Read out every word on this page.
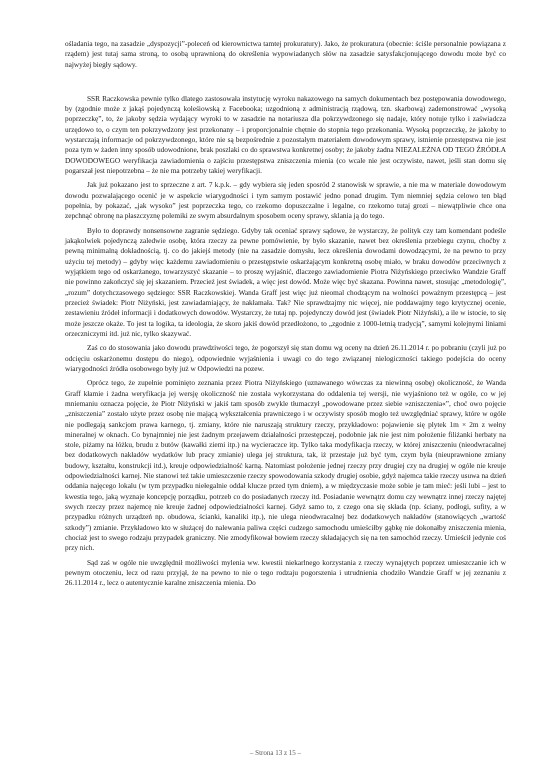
ośladania tego, na zasadzie „dyspozycji”-poleceń od kierownictwa tamtej prokuratury). Jako, że prokuratura (obecnie: ściśle personalnie powiązana z rządem) jest tutaj sama stroną, to osobą uprawnioną do określenia wypowiadanych słów na zasadzie satysfakcjonującego dowodu może być co najwyżej biegły sądowy.

SSR Raczkowska pewnie tylko dlatego zastosowała instytucję wyroku nakazowego na samych dokumentach bez postępowania dowodowego, by (zgodnie może z jakąś pojedynczą koleśiowską z Facebooka; uzgodnioną z administracją rządową, tzn. skarbową) zademonstrować „wysoką poprzeczkę”, to, że jakoby sędzia wydający wyroki to w zasadzie na notariusza dla pokrzywdzonego się nadaje, który notuje tylko i zaświadcza urzędowo to, o czym ten pokrzywdzony jest przekonany – i proporcjonalnie chętnie do stopnia tego przekonania. Wysoką poprzeczkę, że jakoby to wystarczają informacje od pokrzywdzonego, które nie są bezpośrednie z pozostałym materiałem dowodowym sprawy, istnienie przestępstwa nie jest poza tym w żaden inny sposób udowodnione, brak poszlaki co do sprawstwa konkretnej osoby; że jakoby żadna NIEZALEŻNA OD TEGO ŹRÓDŁA DOWODOWEGO weryfikacja zawiadomienia o zajściu przestępstwa zniszczenia mienia (co wcale nie jest oczywiste, nawet, jeśli stan domu się pogarszał jest niepotrzebna – że nie ma potrzeby takiej weryfikacji.

Jak już pokazano jest to sprzeczne z art. 7 k.p.k. – gdy wybiera się jeden sposród 2 stanowisk w sprawie, a nie ma w materiale dowodowym dowodu pozwalającego ocenić je w aspekcie wiarygodności i tym samym postawić jedno ponad drugim. Tym niemniej sędzia celowo ten błąd popełnia, by pokazać, „jak wysoko” jest poprzeczka tego, co rzekomo dopuszczalne i legalne, co rzekomo tutaj grozi – niewątpliwie chce ona zepchnąć obronę na płaszczyznę polemiki ze swym absurdalnym sposobem oceny sprawy, sklania ją do tego.

Było to doprawdy nonsensowne zagranie sędziego. Gdyby tak oceniać sprawy sądowe, że wystarczy, że polityk czy tam komendant podeśle jakąkolwiek pojedynczą zaledwie osobę, która rzeczy za pewne pomówienie, by było skazanie, nawet bez określenia przebiegu czynu, choćby z pewną minimalną dokładnością, tj. co do jakiejś metody (nie na zasadzie domysłu, lecz określenia dowodami dowodzącymi, że na pewno to przy użyciu tej metody) – gdyby więc każdemu zawiadomieniu o przestępstwie oskarżającym konkretną osobę miało, w braku dowodów przeciwnych z wyjątkiem tego od oskarżanego, towarzyszyć skazanie – to proszę wyjaśnić, dlaczego zawiadomienie Piotra Niżyńskiego przeciwko Wandzie Graff nie powinno zakończyć się jej skazaniem. Przecież jest świadek, a więc jest dowód. Może więc być skazana. Powinna nawet, stosując „metodologię”, „rozum” dotychczasowego sędziego: SSR Raczkowskiej. Wanda Graff jest więc już nieomal chodzącym na wolności poważnym przestępcą – jest przecież świadek: Piotr Niżyński, jest zawiadamiający, że nakłamała. Tak? Nie sprawdzajmy nic więcej, nie poddawajmy tego krytycznej ocenie, zestawieniu źródeł informacji i dodatkowych dowodów. Wystarczy, że tutaj np. pojedynczy dowód jest (świadek Piotr Niżyński), a ile w istocie, to się może jeszcze okaże. To jest ta logika, ta ideologia, że skoro jakiś dowód przedłożono, to „zgodnie z 1000-letnią tradycją”, samymi kolejnymi liniami orzeczniczymi itd. już nic, tylko skazywać.

Zaś co do stosowania jako dowodu prawdziwości tego, że pogorszył się stan domu wg oceny na dzień 26.11.2014 r. po pobraniu (czyli już po odcięciu oskarżonemu dostępu do niego), odpowiednie wyjaśnienia i uwagi co do tego związanej nielogiczności takiego podejścia do oceny wiarygodności źródła osobowego były już w Odpowiedzi na pozew.

Oprócz tego, że zupełnie pominięto zeznania przez Piotra Niżyńskiego (uznawanego wówczas za niewinną osobę) okoliczność, że Wanda Graff kłamie i żadna weryfikacja jej wersję okoliczność nie została wykorzystana do oddalenia tej wersji, nie wyjaśniono też w ogóle, co w jej mniemaniu oznacza pojęcie, że Piotr Niżyński w jakiś tam sposób zwykle tłumaczył „powodowane przez siebie »zniszczenia«”, choć owo pojęcie „zniszczenia” zostało użyte przez osobę nie mającą wykształcenia prawniczego i w oczywisty sposób mogło też uwzględniać sprawy, które w ogóle nie podlegają sankcjom prawa karnego, tj. zmiany, które nie naruszają struktury rzeczy, przykładowo: pojawienie się plytek 1m × 2m z wełny mineralnej w oknach. Co bynajmniej nie jest żadnym przejawem działalności przestępczej, podobnie jak nie jest nim położenie filiżanki herbaty na stole, piżamy na łóżku, brudu z butów (kawałki ziemi itp.) na wycieraczce itp. Tylko taka modyfikacja rzeczy, w której zniszczeniu (nieodwracalnej bez dodatkowych nakładów wydatków lub pracy zmianie) ulega jej struktura, tak, iż przestaje już być tym, czym była (nieuprawnione zmiany budowy, kształtu, konstrukcji itd.), kreuje odpowiedzialność karną. Natomiast położenie jednej rzeczy przy drugiej czy na drugiej w ogóle nie kreuje odpowiedzialności karnej. Nie stanowi też takie umieszczenie rzeczy spowodowania szkody drugiej osobie, gdyż najemca takie rzeczy usuwa na dzień oddania najęcego lokalu (w tym przypadku niełegalnie oddał klucze przed tym dniem), a w międzyczasie może sobie je tam mieć: jeśli lubi – jest to kwestia tego, jaką wyznaje koncepcję porządku, potrzeb co do posiadanych rzeczy itd. Posiadanie wewnątrz domu czy wewnątrz innej rzeczy najętej swych rzeczy przez najemcę nie kreuje żadnej odpowiedzialności karnej. Gdyż samo to, z czego ona się składa (np. ściany, podłogi, sufity, a w przypadku różnych urządzeń np. obudowa, ścianki, kanaliki itp.), nie ulega nieodwracalnej bez dodatkowych nakładów (stanowiących „wartość szkody”) zmianie. Przykładowo kto w służącej do nalewania paliwa części cudzego samochodu umieściłby gąbkę nie dokonałby zniszczenia mienia, chociaż jest to swego rodzaju przypadek graniczny. Nie zmodyfikował bowiem rzeczy składających się na ten samochód rzeczy. Umieścił jedynie coś przy nich.

Sąd zaś w ogóle nie uwzględnił możliwości mylenia ww. kwestii niekarlnego korzystania z rzeczy wynajętych poprzez umieszczanie ich w pewnym otoczeniu, lecz od razu przyjął, że na pewno to nie o tego rodzaju pogorszenia i utrudnienia chodziło Wandzie Graff w jej zeznaniu z 26.11.2014 r., lecz o autentycznie karalne zniszczenia mienia. Do

– Strona 13 z 15 –
